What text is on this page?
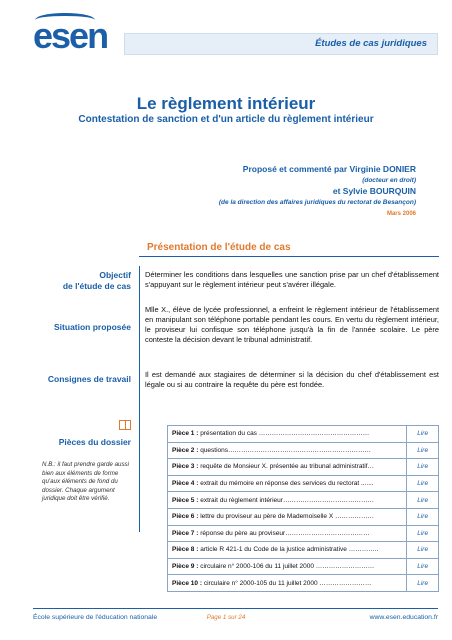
esen	Études de cas juridiques
Le règlement intérieur
Contestation de sanction et d'un article du règlement intérieur
Proposé et commenté par Virginie DONIER
(docteur en droit)
et Sylvie BOURQUIN
(de la direction des affaires juridiques du rectorat de Besançon)
Mars 2006
Présentation de l'étude de cas
Objectif
de l'étude de cas
Déterminer les conditions dans lesquelles une sanction prise par un chef d'établissement s'appuyant sur le règlement intérieur peut s'avérer illégale.
Situation proposée
Mlle X., élève de lycée professionnel, a enfreint le règlement intérieur de l'établissement en manipulant son téléphone portable pendant les cours. En vertu du règlement intérieur, le proviseur lui confisque son téléphone jusqu'à la fin de l'année scolaire. Le père conteste la décision devant le tribunal administratif.
Consignes de travail Il est demandé aux stagiaires de déterminer si la décision du chef d'établissement est légale ou si au contraire la requête du père est fondée.
Pièces du dossier
N.B.: il faut prendre garde aussi bien aux éléments de forme qu'aux éléments de fond du dossier. Chaque argument juridique doit être vérifié.
Pièce 1 : présentation du cas ……………………………………………	Lire
Pièce 2 : questions…………………………………………………………	Lire
Pièce 3 : requête de Monsieur X. présentée au tribunal administratif…	Lire
Pièce 4 : extrait du mémoire en réponse des services du rectorat .......	Lire
Pièce 5 : extrait du règlement intérieur……………………………………	Lire
Pièce 6 : lettre du proviseur au père de Mademoiselle X ………………	Lire
Pièce 7 : réponse du père au proviseur…………………………………	Lire
Pièce 8 : article R 421-1 du Code de la justice administrative …………..	Lire
Pièce 9 : circulaire n° 2000-106 du 11 juillet 2000 ………………………	Lire
Pièce 10 : circulaire n° 2000-105 du 11 juillet 2000 ……………………	Lire
École supérieure de l'éducation nationale	Page 1 sur 24	www.esen.education.fr
